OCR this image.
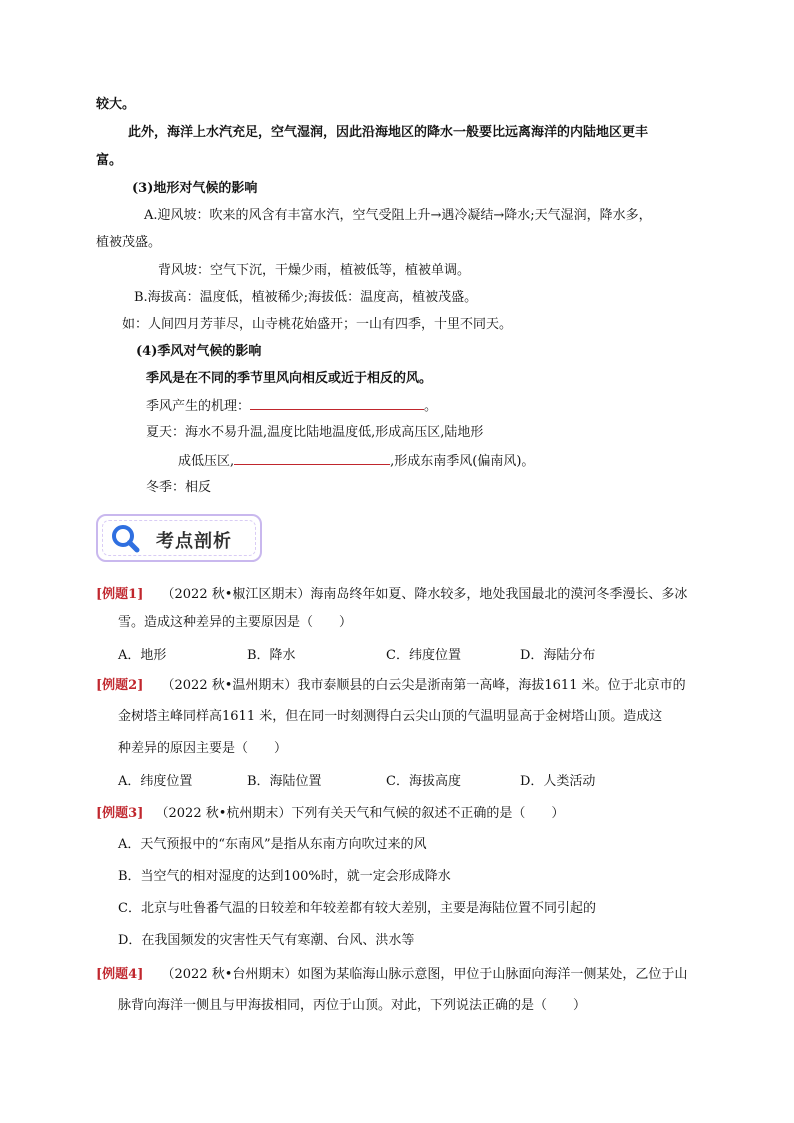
较大。
此外，海洋上水汽充足，空气湿润，因此沿海地区的降水一般要比远离海洋的内陆地区更丰
富。
(3)地形对气候的影响
A.迎风坡：吹来的风含有丰富水汽，空气受阻上升→遇冷凝结→降水;天气湿润，降水多，
植被茂盛。
背风坡：空气下沉，干燥少雨，植被低等，植被单调。
B.海拔高：温度低，植被稀少;海拔低：温度高，植被茂盛。
如：人间四月芳菲尽，山寺桃花始盛开；一山有四季，十里不同天。
(4)季风对气候的影响
季风是在不同的季节里风向相反或近于相反的风。
季风产生的机理：	。
夏天：海水不易升温,温度比陆地温度低,形成高压区,陆地形
成低压区,	,形成东南季风(偏南风)。
冬季：相反
考点剖析
[例题1] （2022 秋•椒江区期末）海南岛终年如夏、降水较多，地处我国最北的漠河冬季漫长、多冰
雪。造成这种差异的主要原因是（　　）
A．地形	B．降水	C．纬度位置	D．海陆分布
[例题2] （2022 秋•温州期末）我市泰顺县的白云尖是浙南第一高峰，海拔1611 米。位于北京市的
金树塔主峰同样高1611 米，但在同一时刻测得白云尖山顶的气温明显高于金树塔山顶。造成这
种差异的原因主要是（　　）
A．纬度位置	B．海陆位置	C．海拔高度	D．人类活动
[例题3] （2022 秋•杭州期末）下列有关天气和气候的叙述不正确的是（　　）
A．天气预报中的“东南风”是指从东南方向吹过来的风
B．当空气的相对湿度的达到100%时，就一定会形成降水
C．北京与吐鲁番气温的日较差和年较差都有较大差别，主要是海陆位置不同引起的
D．在我国频发的灾害性天气有寒潮、台风、洪水等
[例题4] （2022 秋•台州期末）如图为某临海山脉示意图，甲位于山脉面向海洋一侧某处，乙位于山
脉背向海洋一侧且与甲海拔相同，丙位于山顶。对此，下列说法正确的是（　　）
